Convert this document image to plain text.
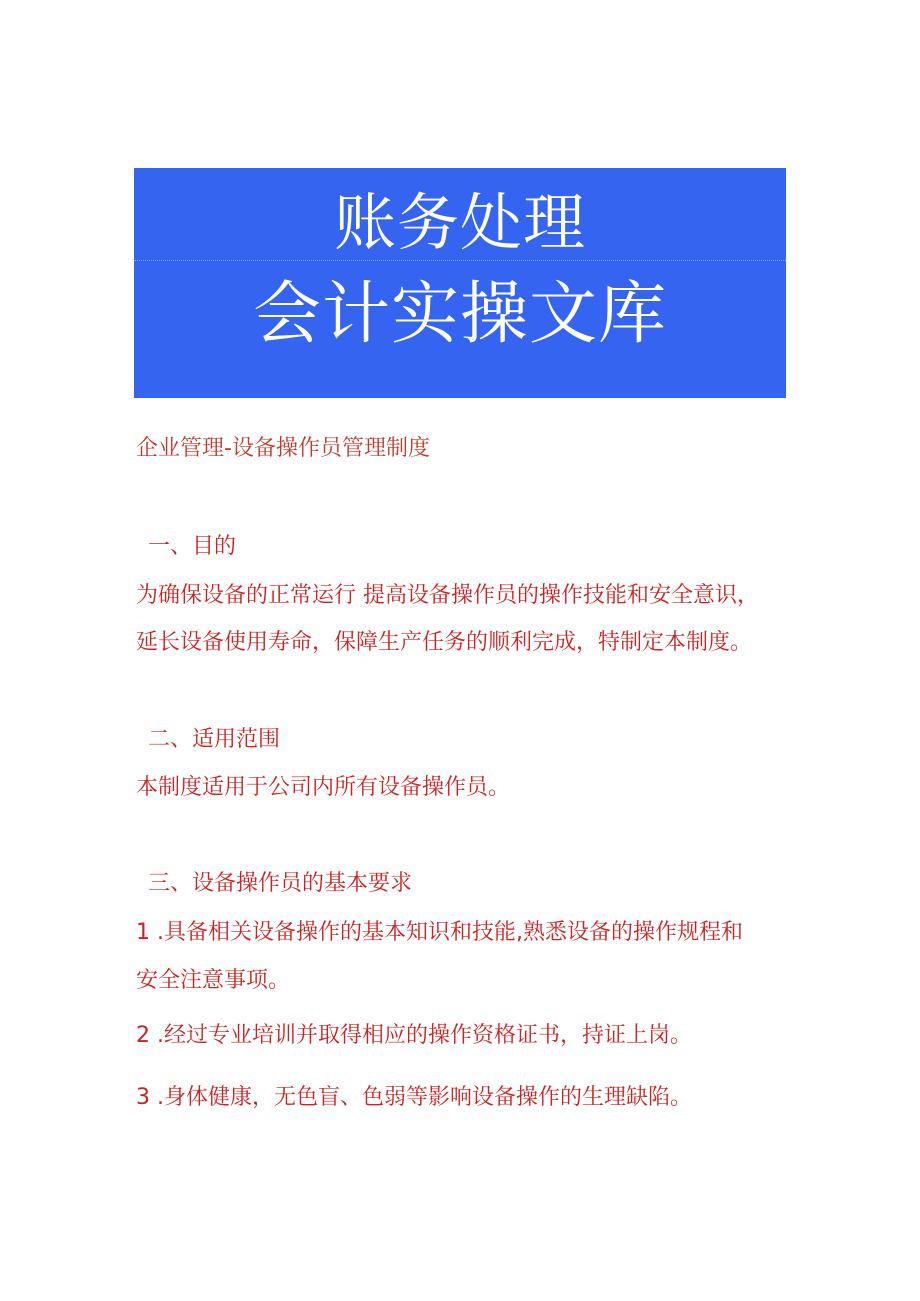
账务处理
会计实操文库
企业管理-设备操作员管理制度
一、目的
为确保设备的正常运行 提高设备操作员的操作技能和安全意识，
延长设备使用寿命，保障生产任务的顺利完成，特制定本制度。
二、适用范围
本制度适用于公司内所有设备操作员。
三、设备操作员的基本要求
1 .具备相关设备操作的基本知识和技能,熟悉设备的操作规程和
安全注意事项。
2 .经过专业培训并取得相应的操作资格证书，持证上岗。
3 .身体健康，无色盲、色弱等影响设备操作的生理缺陷。
